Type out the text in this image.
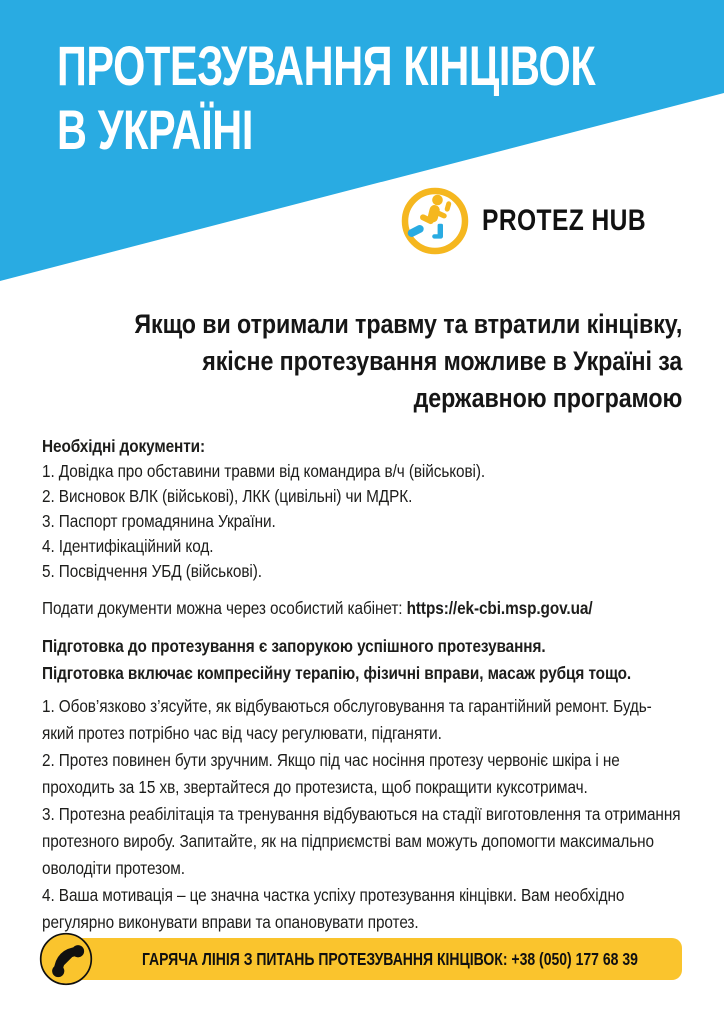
ПРОТЕЗУВАННЯ КІНЦІВОК
В УКРАЇНІ
PROTEZ HUB
Якщо ви отримали травму та втратили кінцівку,
якісне протезування можливе в Україні за
державною програмою
Необхідні документи:
1. Довідка про обставини травми від командира в/ч (військові).
2. Висновок ВЛК (військові), ЛКК (цивільні) чи МДРК.
3. Паспорт громадянина України.
4. Ідентифікаційний код.
5. Посвідчення УБД (військові).

Подати документи можна через особистий кабінет: https://ek-cbi.msp.gov.ua/

Підготовка до протезування є запорукою успішного протезування.
Підготовка включає компресійну терапію, фізичні вправи, масаж рубця тощо.

1. Обов’язково з’ясуйте, як відбуваються обслуговування та гарантійний ремонт. Будь-який протез потрібно час від часу регулювати, підганяти.

2. Протез повинен бути зручним. Якщо під час носіння протезу червоніє шкіра і не проходить за 15 хв, звертайтеся до протезиста, щоб покращити куксотримач.

3. Протезна реабілітація та тренування відбуваються на стадії виготовлення та отримання протезного виробу. Запитайте, як на підприємстві вам можуть допомогти максимально оволодіти протезом.

4. Ваша мотивація – це значна частка успіху протезування кінцівки. Вам необхідно регулярно виконувати вправи та опановувати протез.

ГАРЯЧА ЛІНІЯ З ПИТАНЬ ПРОТЕЗУВАННЯ КІНЦІВОК: +38 (050) 177 68 39
